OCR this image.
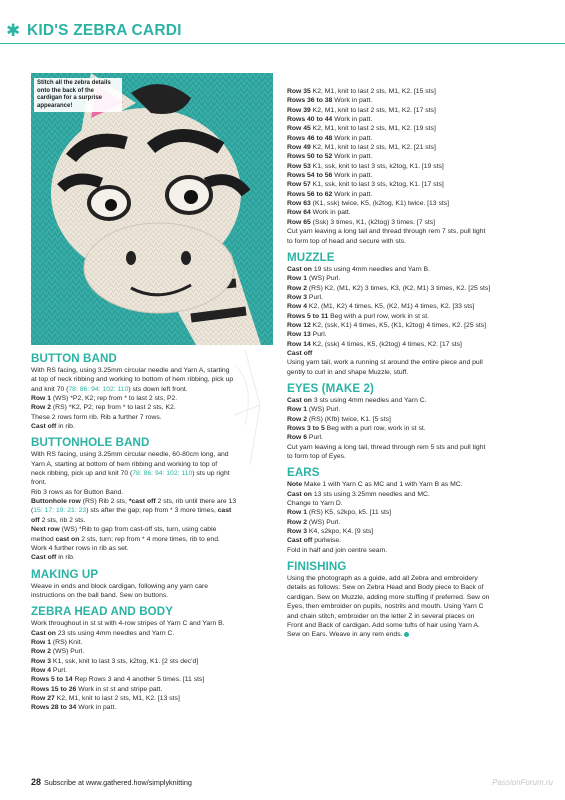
✱ KID'S ZEBRA CARDI
Stitch all the zebra details onto the back of the cardigan for a surprise appearance!
BUTTON BAND
With RS facing, using 3.25mm circular needle and Yarn A, starting
at top of neck ribbing and working to bottom of hem ribbing, pick up
and knit 70 (78: 86: 94: 102: 110) sts down left front.
Row 1 (WS) *P2, K2; rep from * to last 2 sts, P2.
Row 2 (RS) *K2, P2; rep from * to last 2 sts, K2.
These 2 rows form rib. Rib a further 7 rows.
Cast off in rib.
BUTTONHOLE BAND
With RS facing, using 3.25mm circular needle, 60-80cm long, and
Yarn A, starting at bottom of hem ribbing and working to top of
neck ribbing, pick up and knit 70 (78: 86: 94: 102: 110) sts up right
front.
Rib 3 rows as for Button Band.
Buttonhole row (RS) Rib 2 sts, *cast off 2 sts, rib until there are 13
(15: 17: 19: 21: 23) sts after the gap; rep from * 3 more times, cast
off 2 sts, rib 2 sts.
Next row (WS) *Rib to gap from cast-off sts, turn, using cable
method cast on 2 sts, turn; rep from * 4 more times, rib to end.
Work 4 further rows in rib as set.
Cast off in rib.
MAKING UP
Weave in ends and block cardigan, following any yarn care
instructions on the ball band. Sew on buttons.
ZEBRA HEAD AND BODY
Work throughout in st st with 4-row stripes of Yarn C and Yarn B.
Cast on 23 sts using 4mm needles and Yarn C.
Row 1 (RS) Knit.
Row 2 (WS) Purl.
Row 3 K1, ssk, knit to last 3 sts, k2tog, K1. [2 sts dec'd]
Row 4 Purl.
Rows 5 to 14 Rep Rows 3 and 4 another 5 times. [11 sts]
Rows 15 to 26 Work in st st and stripe patt.
Row 27 K2, M1, knit to last 2 sts, M1, K2. [13 sts]
Rows 28 to 34 Work in patt.
Row 35 K2, M1, knit to last 2 sts, M1, K2. [15 sts]
Rows 36 to 38 Work in patt.
Row 39 K2, M1, knit to last 2 sts, M1, K2. [17 sts]
Rows 40 to 44 Work in patt.
Row 45 K2, M1, knit to last 2 sts, M1, K2. [19 sts]
Rows 46 to 48 Work in patt.
Row 49 K2, M1, knit to last 2 sts, M1, K2. [21 sts]
Rows 50 to 52 Work in patt.
Row 53 K1, ssk, knit to last 3 sts, k2tog, K1. [19 sts]
Rows 54 to 56 Work in patt.
Row 57 K1, ssk, knit to last 3 sts, k2tog, K1. [17 sts]
Rows 56 to 62 Work in patt.
Row 63 (K1, ssk) twice, K5, (k2tog, K1) twice. [13 sts]
Row 64 Work in patt.
Row 65 (Ssk) 3 times, K1, (k2tog) 3 times. [7 sts]
Cut yarn leaving a long tail and thread through rem 7 sts, pull tight
to form top of head and secure with sts.
MUZZLE
Cast on 19 sts using 4mm needles and Yarn B.
Row 1 (WS) Purl.
Row 2 (RS) K2, (M1, K2) 3 times, K3, (K2, M1) 3 times, K2. [25 sts]
Row 3 Purl.
Row 4 K2, (M1, K2) 4 times, K5, (K2, M1) 4 times, K2. [33 sts]
Rows 5 to 11 Beg with a purl row, work in st st.
Row 12 K2, (ssk, K1) 4 times, K5, (K1, k2tog) 4 times, K2. [25 sts]
Row 13 Purl.
Row 14 K2, (ssk) 4 times, K5, (k2tog) 4 times, K2. [17 sts]
Cast off
Using yarn tail, work a running st around the entire piece and pull
gently to curl in and shape Muzzle, stuff.
EYES (MAKE 2)
Cast on 3 sts using 4mm needles and Yarn C.
Row 1 (WS) Purl.
Row 2 (RS) (Kfb) twice, K1. [5 sts]
Rows 3 to 5 Beg with a purl row, work in st st.
Row 6 Purl.
Cut yarn leaving a long tail, thread through rem 5 sts and pull tight
to form top of Eyes.
EARS
Note Make 1 with Yarn C as MC and 1 with Yarn B as MC.
Cast on 13 sts using 3.25mm needles and MC.
Change to Yarn D.
Row 1 (RS) K5, s2kpo, k5. [11 sts]
Row 2 (WS) Purl.
Row 3 K4, s2kpo, K4. [9 sts]
Cast off purlwise.
Fold in half and join centre seam.
FINISHING
Using the photograph as a guide, add all Zebra and embroidery
details as follows: Sew on Zebra Head and Body piece to Back of
cardigan. Sew on Muzzle, adding more stuffing if preferred. Sew on
Eyes, then embroider on pupils, nostrils and mouth. Using Yarn C
and chain stitch, embroider on the letter Z in several places on
Front and Back of cardigan. Add some tufts of hair using Yarn A.
Sew on Ears. Weave in any rem ends.
28 Subscribe at www.gathered.how/simplyknitting	PassionForum.ru
